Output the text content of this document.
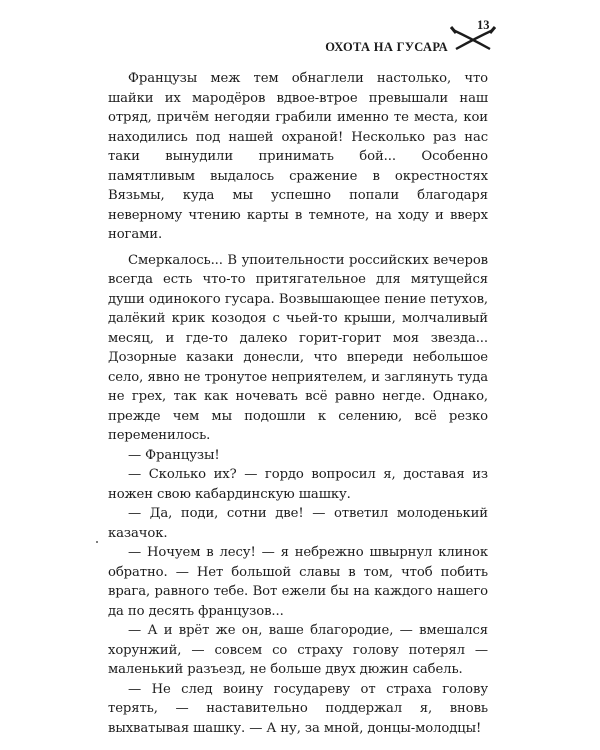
ОХОТА НА ГУСАРА
13

Французы меж тем обнаглели настолько, что шайки их мародёров вдвое-втрое превышали наш отряд, причём негодяи грабили именно те места, кои находились под нашей охраной! Несколько раз нас таки вынудили принимать бой... Особенно памятливым выдалось сражение в окрестностях Вязьмы, куда мы успешно попали благодаря неверному чтению карты в темноте, на ходу и вверх ногами.

Смеркалось... В упоительности российских вечеров всегда есть что-то притягательное для мятущейся души одинокого гусара. Возвышающее пение петухов, далёкий крик козодоя с чьей-то крыши, молчаливый месяц, и где-то далеко горит-горит моя звезда... Дозорные казаки донесли, что впереди небольшое село, явно не тронутое неприятелем, и заглянуть туда не грех, так как ночевать всё равно негде. Однако, прежде чем мы подошли к селению, всё резко переменилось.

— Французы!

— Сколько их? — гордо вопросил я, доставая из ножен свою кабардинскую шашку.

— Да, поди, сотни две! — ответил молоденький казачок.

— Ночуем в лесу! — я небрежно швырнул клинок обратно. — Нет большой славы в том, чтоб побить врага, равного тебе. Вот ежели бы на каждого нашего да по десять французов...

— А и врёт же он, ваше благородие, — вмешался хорунжий, — совсем со страху голову потерял — маленький разъезд, не больше двух дюжин сабель.

— Не след воину государеву от страха голову терять, — наставительно поддержал я, вновь выхватывая шашку. — А ну, за мной, донцы-молодцы!
